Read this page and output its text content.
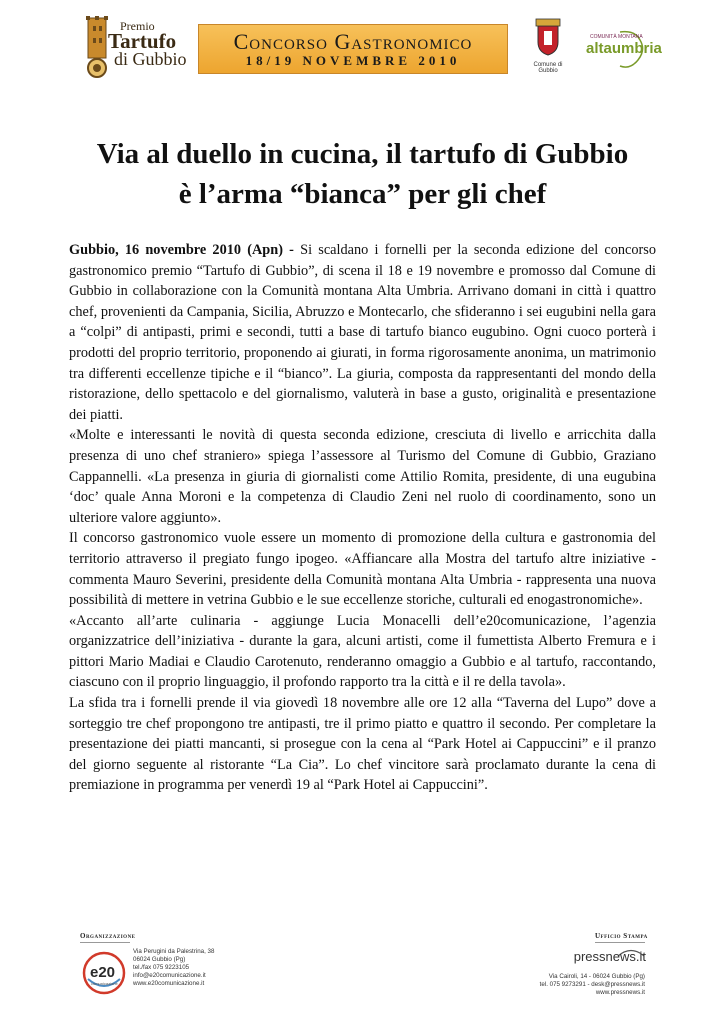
Premio
Tartufo
di Gubbio
Concorso Gastronomico
18/19 NOVEMBRE 2010	Comune di Gubbio
COMUNITÀ MONTANA
altaumbria
Via al duello in cucina, il tartufo di Gubbio
è l’arma “bianca” per gli chef

Gubbio, 16 novembre 2010 (Apn) - Si scaldano i fornelli per la seconda edizione del concorso gastronomico premio “Tartufo di Gubbio”, di scena il 18 e 19 novembre e promosso dal Comune di Gubbio in collaborazione con la Comunità montana Alta Umbria. Arrivano domani in città i quattro chef, provenienti da Campania, Sicilia, Abruzzo e Montecarlo, che sfideranno i sei eugubini nella gara a “colpi” di antipasti, primi e secondi, tutti a base di tartufo bianco eugubino. Ogni cuoco porterà i prodotti del proprio territorio, proponendo ai giurati, in forma rigorosamente anonima, un matrimonio tra differenti eccellenze tipiche e il “bianco”. La giuria, composta da rappresentanti del mondo della ristorazione, dello spettacolo e del giornalismo, valuterà in base a gusto, originalità e presentazione dei piatti.

«Molte e interessanti le novità di questa seconda edizione, cresciuta di livello e arricchita dalla presenza di uno chef straniero» spiega l’assessore al Turismo del Comune di Gubbio, Graziano Cappannelli. «La presenza in giuria di giornalisti come Attilio Romita, presidente, di una eugubina ‘doc’ quale Anna Moroni e la competenza di Claudio Zeni nel ruolo di coordinamento, sono un ulteriore valore aggiunto».

Il concorso gastronomico vuole essere un momento di promozione della cultura e gastronomia del territorio attraverso il pregiato fungo ipogeo. «Affiancare alla Mostra del tartufo altre iniziative - commenta Mauro Severini, presidente della Comunità montana Alta Umbria - rappresenta una nuova possibilità di mettere in vetrina Gubbio e le sue eccellenze storiche, culturali ed enogastronomiche».

«Accanto all’arte culinaria - aggiunge Lucia Monacelli dell’e20comunicazione, l’agenzia organizzatrice dell’iniziativa - durante la gara, alcuni artisti, come il fumettista Alberto Fremura e i pittori Mario Madiai e Claudio Carotenuto, renderanno omaggio a Gubbio e al tartufo, raccontando, ciascuno con il proprio linguaggio, il profondo rapporto tra la città e il re della tavola».

La sfida tra i fornelli prende il via giovedì 18 novembre alle ore 12 alla “Taverna del Lupo” dove a sorteggio tre chef propongono tre antipasti, tre il primo piatto e quattro il secondo. Per completare la presentazione dei piatti mancanti, si prosegue con la cena al “Park Hotel ai Cappuccini” e il pranzo del giorno seguente al ristorante “La Cia”. Lo chef vincitore sarà proclamato durante la cena di premiazione in programma per venerdì 19 al “Park Hotel ai Cappuccini”.

Organizzazione
e20
comunicazione
Via Perugini da Palestrina, 38
06024 Gubbio (Pg)
tel./fax 075 9223105
info@e20comunicazione.it
www.e20comunicazione.it
Ufficio Stampa
pressnews.it
Via Cairoli, 14 - 06024 Gubbio (Pg)
tel. 075 9273291 - desk@pressnews.it
www.pressnews.it
